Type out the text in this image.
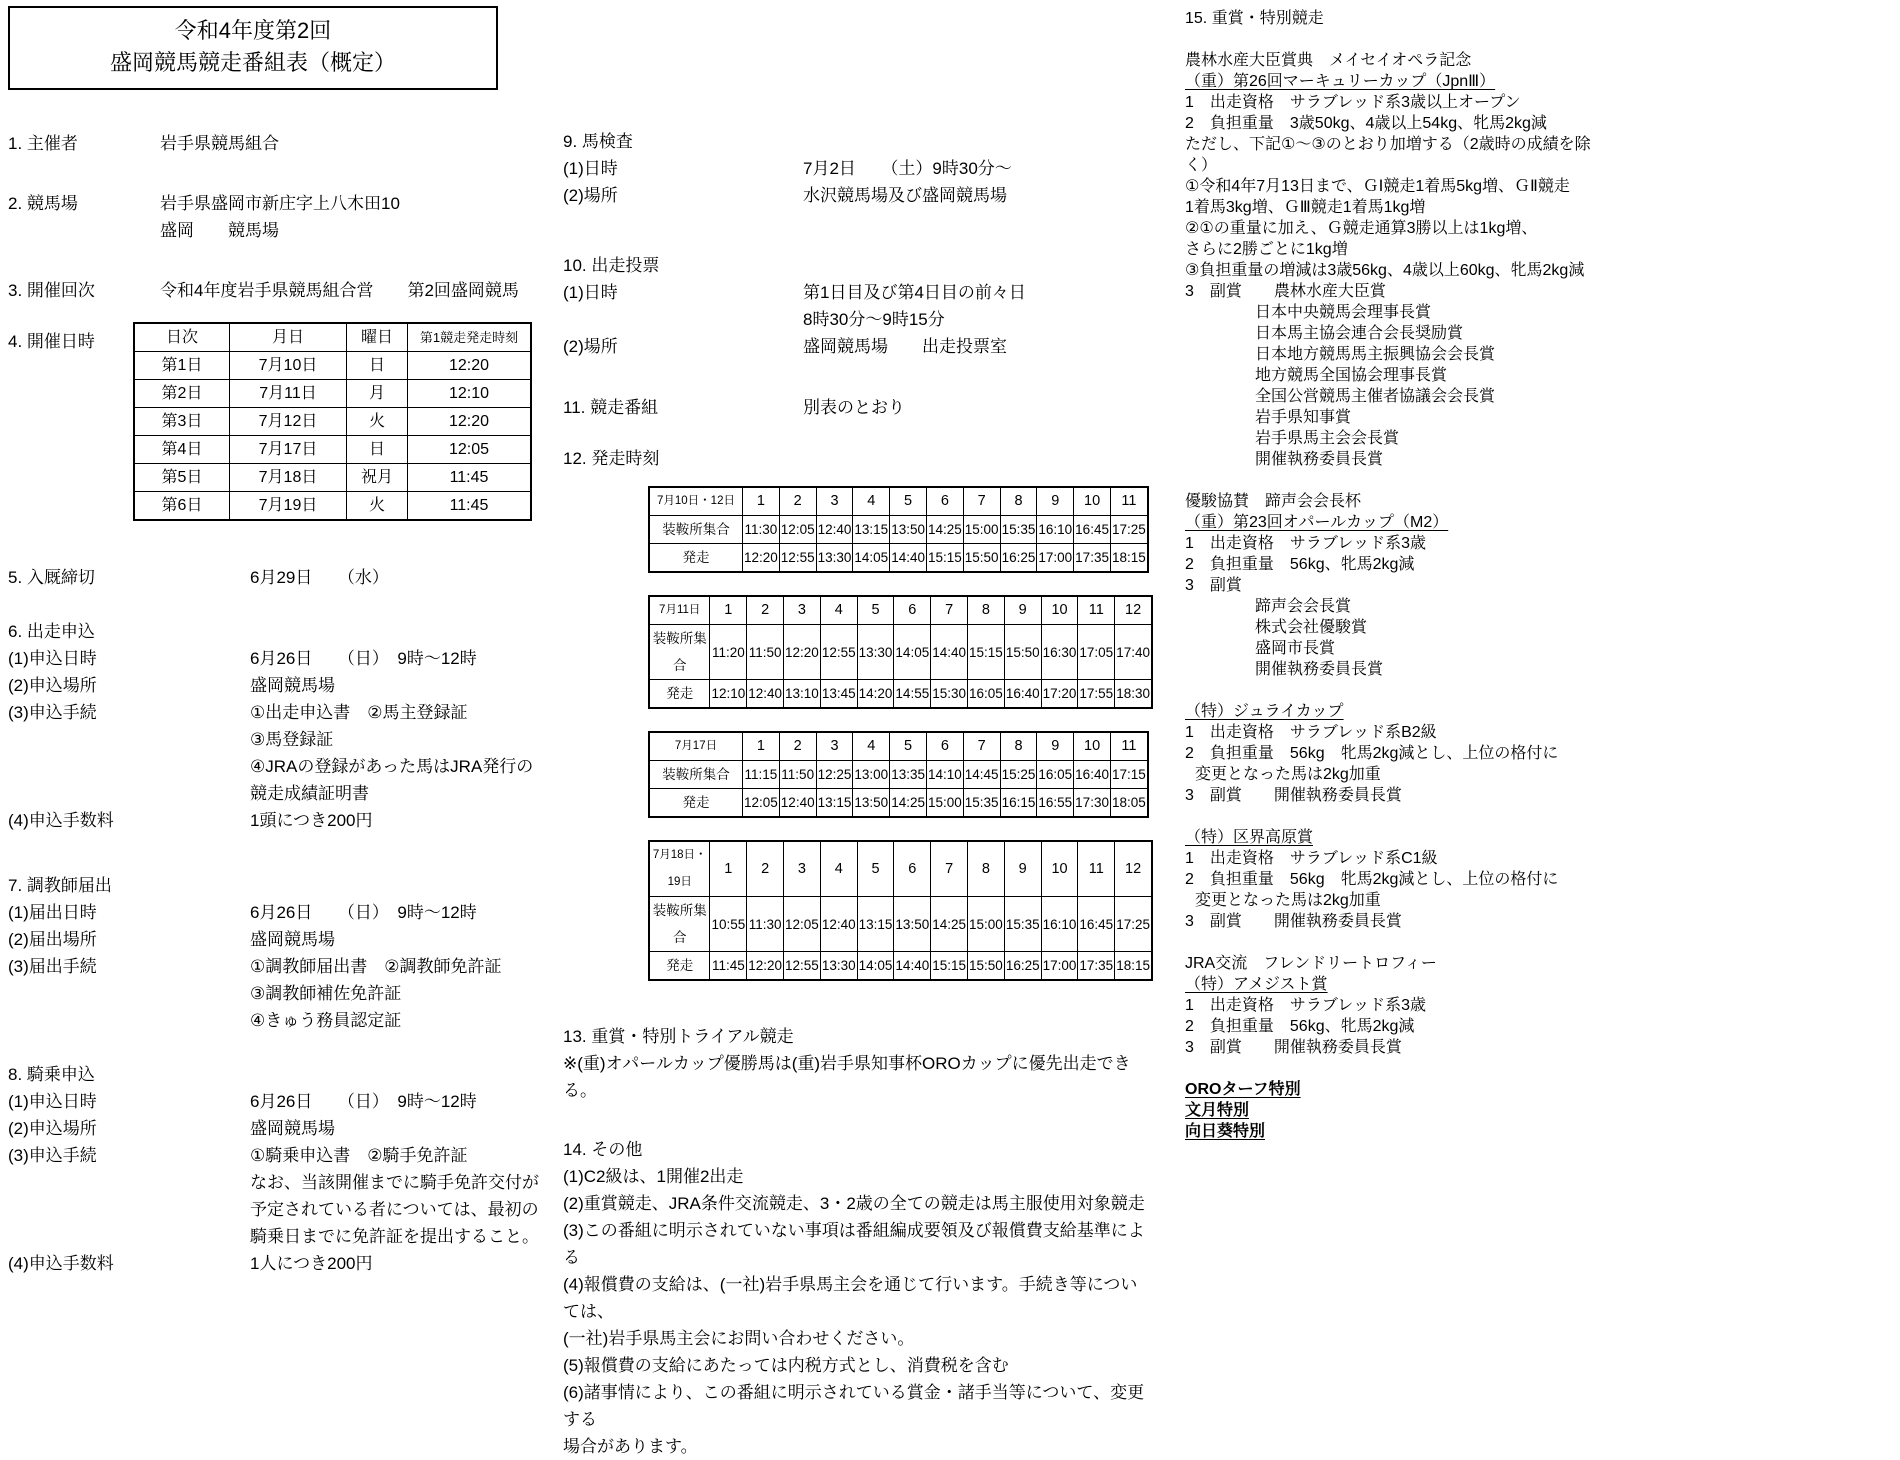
令和4年度第2回
盛岡競馬競走番組表（概定）
1. 主催者	岩手県競馬組合
2. 競馬場	岩手県盛岡市新庄字上八木田10
盛岡　　競馬場
3. 開催回次	令和4年度岩手県競馬組合営　　第2回盛岡競馬
4. 開催日時	日次	月日	曜日	第1競走発走時刻
第1日	7月10日	日	12:20
第2日	7月11日	月	12:10
第3日	7月12日	火	12:20
第4日	7月17日	日	12:05
第5日	7月18日	祝月	11:45
第6日	7月19日	火	11:45
5. 入厩締切	6月29日　　（水）
6. 出走申込
(1)申込日時	6月26日　　（日）　9時～12時
(2)申込場所	盛岡競馬場
(3)申込手続	①出走申込書　②馬主登録証
③馬登録証
④JRAの登録があった馬はJRA発行の
競走成績証明書
(4)申込手数料	1頭につき200円
7. 調教師届出
(1)届出日時	6月26日　　（日）　9時～12時
(2)届出場所	盛岡競馬場
(3)届出手続	①調教師届出書　②調教師免許証
③調教師補佐免許証
④きゅう務員認定証
8. 騎乗申込
(1)申込日時	6月26日　　（日）　9時～12時
(2)申込場所	盛岡競馬場
(3)申込手続	①騎乗申込書　②騎手免許証
なお、当該開催までに騎手免許交付が
予定されている者については、最初の
騎乗日までに免許証を提出すること。
(4)申込手数料	1人につき200円
9. 馬検査
(1)日時	7月2日　　（土）9時30分～
(2)場所	水沢競馬場及び盛岡競馬場
10. 出走投票
(1)日時	第1日目及び第4日目の前々日
8時30分～9時15分
(2)場所	盛岡競馬場　　出走投票室
11. 競走番組	別表のとおり
12. 発走時刻
7月10日・12日	1	2	3	4	5	6	7	8	9	10	11
装鞍所集合	11:30	12:05	12:40	13:15	13:50	14:25	15:00	15:35	16:10	16:45	17:25
発走	12:20	12:55	13:30	14:05	14:40	15:15	15:50	16:25	17:00	17:35	18:15
7月11日	1	2	3	4	5	6	7	8	9	10	11	12
装鞍所集合	11:20	11:50	12:20	12:55	13:30	14:05	14:40	15:15	15:50	16:30	17:05	17:40
発走	12:10	12:40	13:10	13:45	14:20	14:55	15:30	16:05	16:40	17:20	17:55	18:30
7月17日	1	2	3	4	5	6	7	8	9	10	11
装鞍所集合	11:15	11:50	12:25	13:00	13:35	14:10	14:45	15:25	16:05	16:40	17:15
発走	12:05	12:40	13:15	13:50	14:25	15:00	15:35	16:15	16:55	17:30	18:05
7月18日・19日	1	2	3	4	5	6	7	8	9	10	11	12
装鞍所集合	10:55	11:30	12:05	12:40	13:15	13:50	14:25	15:00	15:35	16:10	16:45	17:25
発走	11:45	12:20	12:55	13:30	14:05	14:40	15:15	15:50	16:25	17:00	17:35	18:15
13. 重賞・特別トライアル競走
※(重)オパールカップ優勝馬は(重)岩手県知事杯OROカップに優先出走できる。
14. その他
(1)C2級は、1開催2出走
(2)重賞競走、JRA条件交流競走、3・2歳の全ての競走は馬主服使用対象競走
(3)この番組に明示されていない事項は番組編成要領及び報償費支給基準による
(4)報償費の支給は、(一社)岩手県馬主会を通じて行います。手続き等については、
(一社)岩手県馬主会にお問い合わせください。
(5)報償費の支給にあたっては内税方式とし、消費税を含む
(6)諸事情により、この番組に明示されている賞金・諸手当等について、変更する
場合があります。
15. 重賞・特別競走
農林水産大臣賞典　メイセイオペラ記念
（重）第26回マーキュリーカップ（JpnⅢ）
1　出走資格　サラブレッド系3歳以上オープン
2　負担重量　3歳50kg、4歳以上54kg、牝馬2kg減
ただし、下記①～③のとおり加増する（2歳時の成績を除く）
①令和4年7月13日まで、ＧⅠ競走1着馬5kg増、ＧⅡ競走
1着馬3kg増、ＧⅢ競走1着馬1kg増
②①の重量に加え、Ｇ競走通算3勝以上は1kg増、
さらに2勝ごとに1kg増
③負担重量の増減は3歳56kg、4歳以上60kg、牝馬2kg減
3　副賞　　農林水産大臣賞
日本中央競馬会理事長賞
日本馬主協会連合会長奨励賞
日本地方競馬馬主振興協会会長賞
地方競馬全国協会理事長賞
全国公営競馬主催者協議会会長賞
岩手県知事賞
岩手県馬主会会長賞
開催執務委員長賞
優駿協賛　蹄声会会長杯
（重）第23回オパールカップ（M2）
1　出走資格　サラブレッド系3歳
2　負担重量　56kg、牝馬2kg減
3　副賞
蹄声会会長賞
株式会社優駿賞
盛岡市長賞
開催執務委員長賞
（特）ジュライカップ
1　出走資格　サラブレッド系B2級
2　負担重量　56kg　牝馬2kg減とし、上位の格付に
変更となった馬は2kg加重
3　副賞　　開催執務委員長賞
（特）区界高原賞
1　出走資格　サラブレッド系C1級
2　負担重量　56kg　牝馬2kg減とし、上位の格付に
変更となった馬は2kg加重
3　副賞　　開催執務委員長賞
JRA交流　フレンドリートロフィー
（特）アメジスト賞
1　出走資格　サラブレッド系3歳
2　負担重量　56kg、牝馬2kg減
3　副賞　　開催執務委員長賞
OROターフ特別
文月特別
向日葵特別
